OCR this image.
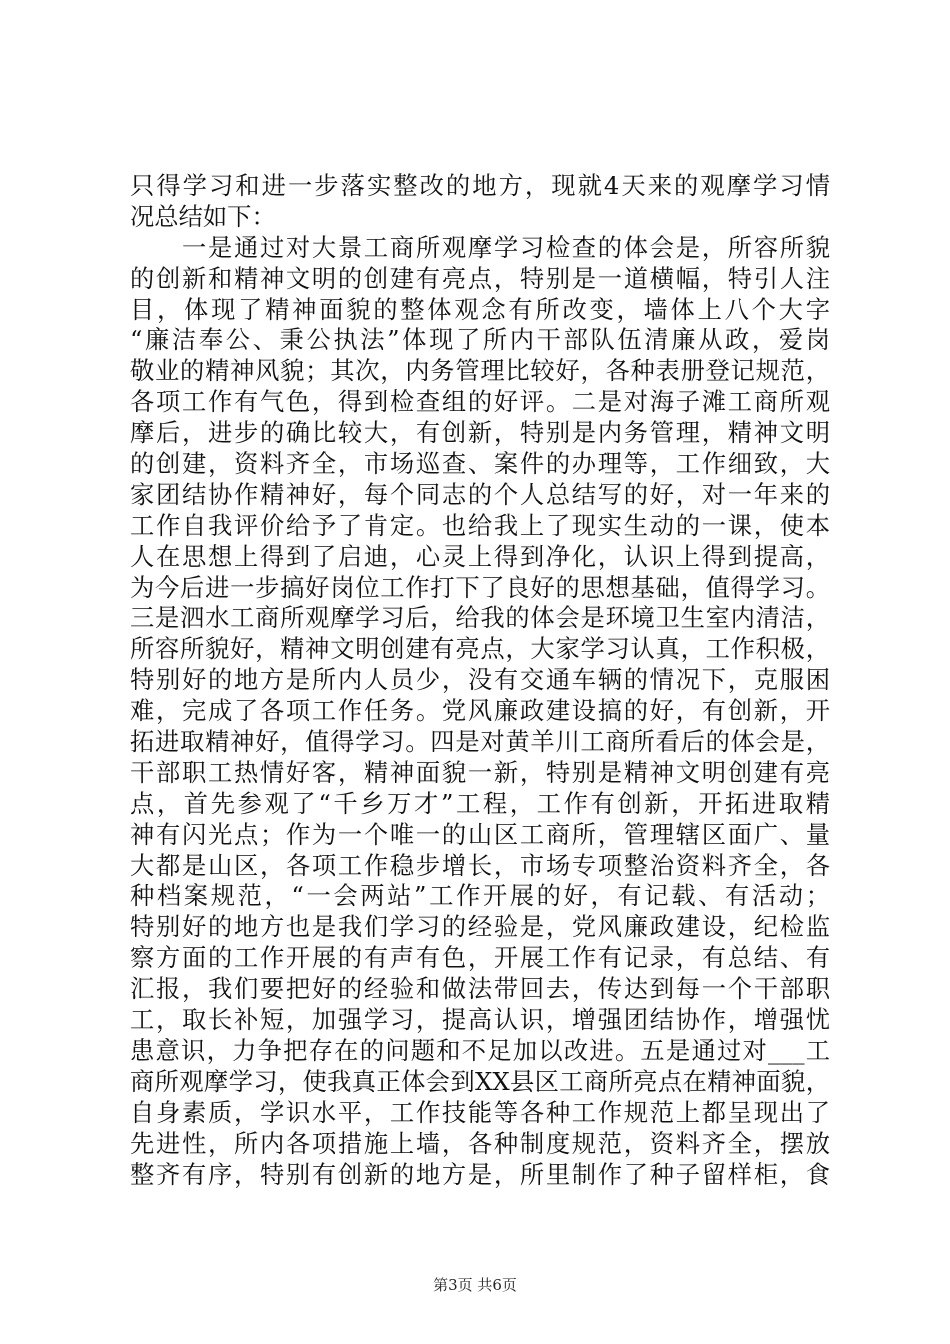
只得学习和进一步落实整改的地方，现就4天来的观摩学习情
况总结如下：
　　一是通过对大景工商所观摩学习检查的体会是，所容所貌
的创新和精神文明的创建有亮点，特别是一道横幅，特引人注
目，体现了精神面貌的整体观念有所改变，墙体上八个大字
“廉洁奉公、秉公执法”体现了所内干部队伍清廉从政，爱岗
敬业的精神风貌；其次，内务管理比较好，各种表册登记规范，
各项工作有气色，得到检查组的好评。二是对海子滩工商所观
摩后，进步的确比较大，有创新，特别是内务管理，精神文明
的创建，资料齐全，市场巡查、案件的办理等，工作细致，大
家团结协作精神好，每个同志的个人总结写的好，对一年来的
工作自我评价给予了肯定。也给我上了现实生动的一课，使本
人在思想上得到了启迪，心灵上得到净化，认识上得到提高，
为今后进一步搞好岗位工作打下了良好的思想基础，值得学习。
三是泗水工商所观摩学习后，给我的体会是环境卫生室内清洁，
所容所貌好，精神文明创建有亮点，大家学习认真，工作积极，
特别好的地方是所内人员少，没有交通车辆的情况下，克服困
难，完成了各项工作任务。党风廉政建设搞的好，有创新，开
拓进取精神好，值得学习。四是对黄羊川工商所看后的体会是，
干部职工热情好客，精神面貌一新，特别是精神文明创建有亮
点，首先参观了“千乡万才”工程，工作有创新，开拓进取精
神有闪光点；作为一个唯一的山区工商所，管理辖区面广、量
大都是山区，各项工作稳步增长，市场专项整治资料齐全，各
种档案规范，“一会两站”工作开展的好，有记载、有活动；
特别好的地方也是我们学习的经验是，党风廉政建设，纪检监
察方面的工作开展的有声有色，开展工作有记录，有总结、有
汇报，我们要把好的经验和做法带回去，传达到每一个干部职
工，取长补短，加强学习，提高认识，增强团结协作，增强忧
患意识，力争把存在的问题和不足加以改进。五是通过对___工
商所观摩学习，使我真正体会到XX县区工商所亮点在精神面貌，
自身素质，学识水平，工作技能等各种工作规范上都呈现出了
先进性，所内各项措施上墙，各种制度规范，资料齐全，摆放
整齐有序，特别有创新的地方是，所里制作了种子留样柜，食
第3页 共6页
